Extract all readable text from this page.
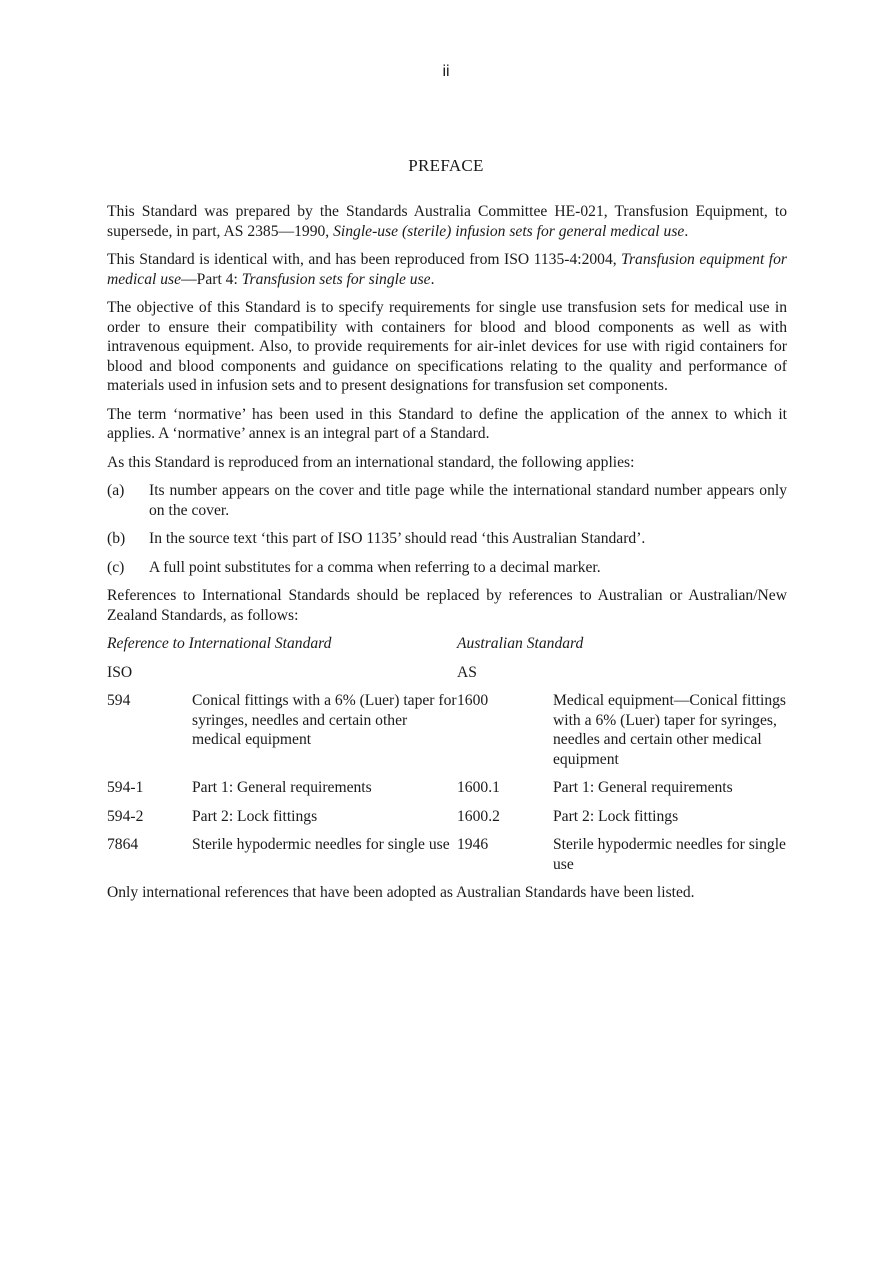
ii
PREFACE

This Standard was prepared by the Standards Australia Committee HE-021, Transfusion Equipment, to supersede, in part, AS 2385—1990, Single-use (sterile) infusion sets for general medical use.

This Standard is identical with, and has been reproduced from ISO 1135-4:2004, Transfusion equipment for medical use—Part 4: Transfusion sets for single use.

The objective of this Standard is to specify requirements for single use transfusion sets for medical use in order to ensure their compatibility with containers for blood and blood components as well as with intravenous equipment. Also, to provide requirements for air-inlet devices for use with rigid containers for blood and blood components and guidance on specifications relating to the quality and performance of materials used in infusion sets and to present designations for transfusion set components.

The term ‘normative’ has been used in this Standard to define the application of the annex to which it applies. A ‘normative’ annex is an integral part of a Standard.

As this Standard is reproduced from an international standard, the following applies:

(a)	Its number appears on the cover and title page while the international standard number appears only on the cover.
(b)	In the source text ‘this part of ISO 1135’ should read ‘this Australian Standard’.
(c)	A full point substitutes for a comma when referring to a decimal marker.

References to International Standards should be replaced by references to Australian or Australian/New Zealand Standards, as follows:

Reference to International Standard		Australian Standard	
ISO		AS	
594	Conical fittings with a 6% (Luer) taper for syringes, needles and certain other medical equipment	1600	Medical equipment—Conical fittings with a 6% (Luer) taper for syringes, needles and certain other medical equipment
594-1	Part 1: General requirements	1600.1	Part 1: General requirements
594-2	Part 2: Lock fittings	1600.2	Part 2: Lock fittings
7864	Sterile hypodermic needles for single use	1946	Sterile hypodermic needles for single use

Only international references that have been adopted as Australian Standards have been listed.
